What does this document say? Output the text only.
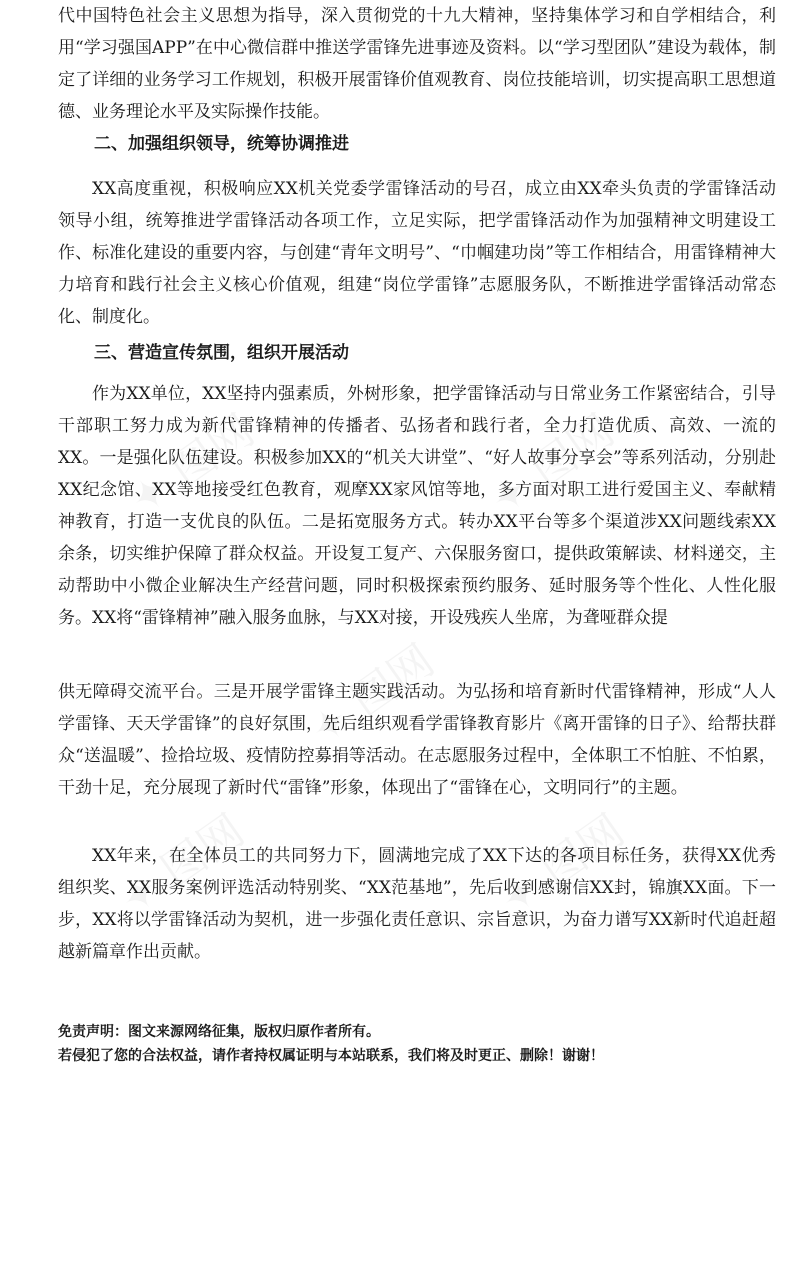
✦ 图网	✦ 图网
✦ 图网
✦ 图网	✦ 图网

代中国特色社会主义思想为指导，深入贯彻党的十九大精神，坚持集体学习和自学相结合，利用“学习强国APP”在中心微信群中推送学雷锋先进事迹及资料。以“学习型团队”建设为载体，制定了详细的业务学习工作规划，积极开展雷锋价值观教育、岗位技能培训，切实提高职工思想道德、业务理论水平及实际操作技能。

二、加强组织领导，统筹协调推进

XX高度重视，积极响应XX机关党委学雷锋活动的号召，成立由XX牵头负责的学雷锋活动领导小组，统筹推进学雷锋活动各项工作，立足实际，把学雷锋活动作为加强精神文明建设工作、标准化建设的重要内容，与创建“青年文明号”、“巾帼建功岗”等工作相结合，用雷锋精神大力培育和践行社会主义核心价值观，组建“岗位学雷锋”志愿服务队，不断推进学雷锋活动常态化、制度化。

三、营造宣传氛围，组织开展活动

作为XX单位，XX坚持内强素质，外树形象，把学雷锋活动与日常业务工作紧密结合，引导干部职工努力成为新代雷锋精神的传播者、弘扬者和践行者，全力打造优质、高效、一流的XX。一是强化队伍建设。积极参加XX的“机关大讲堂”、“好人故事分享会”等系列活动，分别赴XX纪念馆、XX等地接受红色教育，观摩XX家风馆等地，多方面对职工进行爱国主义、奉献精神教育，打造一支优良的队伍。二是拓宽服务方式。转办XX平台等多个渠道涉XX问题线索XX余条，切实维护保障了群众权益。开设复工复产、六保服务窗口，提供政策解读、材料递交，主动帮助中小微企业解决生产经营问题，同时积极探索预约服务、延时服务等个性化、人性化服务。XX将“雷锋精神”融入服务血脉，与XX对接，开设残疾人坐席，为聋哑群众提

供无障碍交流平台。三是开展学雷锋主题实践活动。为弘扬和培育新时代雷锋精神，形成“人人学雷锋、天天学雷锋”的良好氛围，先后组织观看学雷锋教育影片《离开雷锋的日子》、给帮扶群众“送温暖”、捡拾垃圾、疫情防控募捐等活动。在志愿服务过程中，全体职工不怕脏、不怕累，干劲十足，充分展现了新时代“雷锋”形象，体现出了“雷锋在心，文明同行”的主题。

XX年来，在全体员工的共同努力下，圆满地完成了XX下达的各项目标任务，获得XX优秀组织奖、XX服务案例评选活动特别奖、“XX范基地”，先后收到感谢信XX封，锦旗XX面。下一步，XX将以学雷锋活动为契机，进一步强化责任意识、宗旨意识，为奋力谱写XX新时代追赶超越新篇章作出贡献。

免责声明：图文来源网络征集，版权归原作者所有。

若侵犯了您的合法权益，请作者持权属证明与本站联系，我们将及时更正、删除！谢谢！
